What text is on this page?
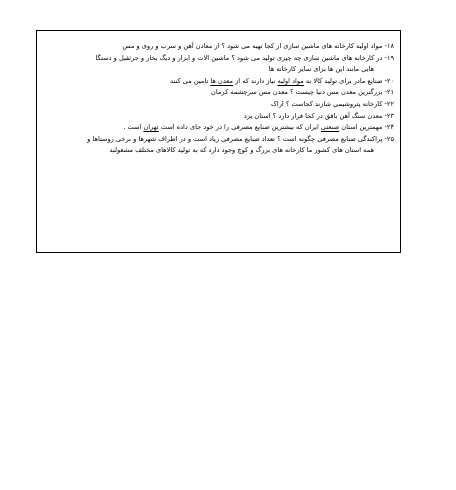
۱۸- مواد اولیه کارخانه های ماشین سازی از کجا تهیه می شود ؟ از معادن آهن و سرب و روی و مس
۱۹- در کارخانه های ماشین سازی چه چیزی تولید می شود ؟ ماشین الات و ابزار و دیگ بخار و جرثقیل و دستگا
هایی مانند این ها برای سایر کارخانه ها
۲۰- صنایع مادر برای تولید کالا به مواد اولیه نیاز دارند که از معدن ها تامین می کنند
۲۱- بزرگترین معدن مس دنیا چیست ؟ معدن مس سرچشمه کرمان
۲۲- کارخانه پتروشیمی شازند کجاست ؟ اراک
۲۳- معدن سنگ آهن بافق در کجا قرار دارد ؟ استان یزد
۲۴- مهمترین استان صنعتی ایران که بیشترین صنایع مصرفی را در خود جای داده است تهران است .
۲۵- پراکندگی صنایع مصرفی چگونه است ؟ تعداد صنایع مصرفی زیاد است و در اطراف شهرها و برخی روستاها و
همه استان های کشور ما کارخانه های بزرگ و کوچ وجود دارد که به تولید کالاهای مختلف مشغولند
